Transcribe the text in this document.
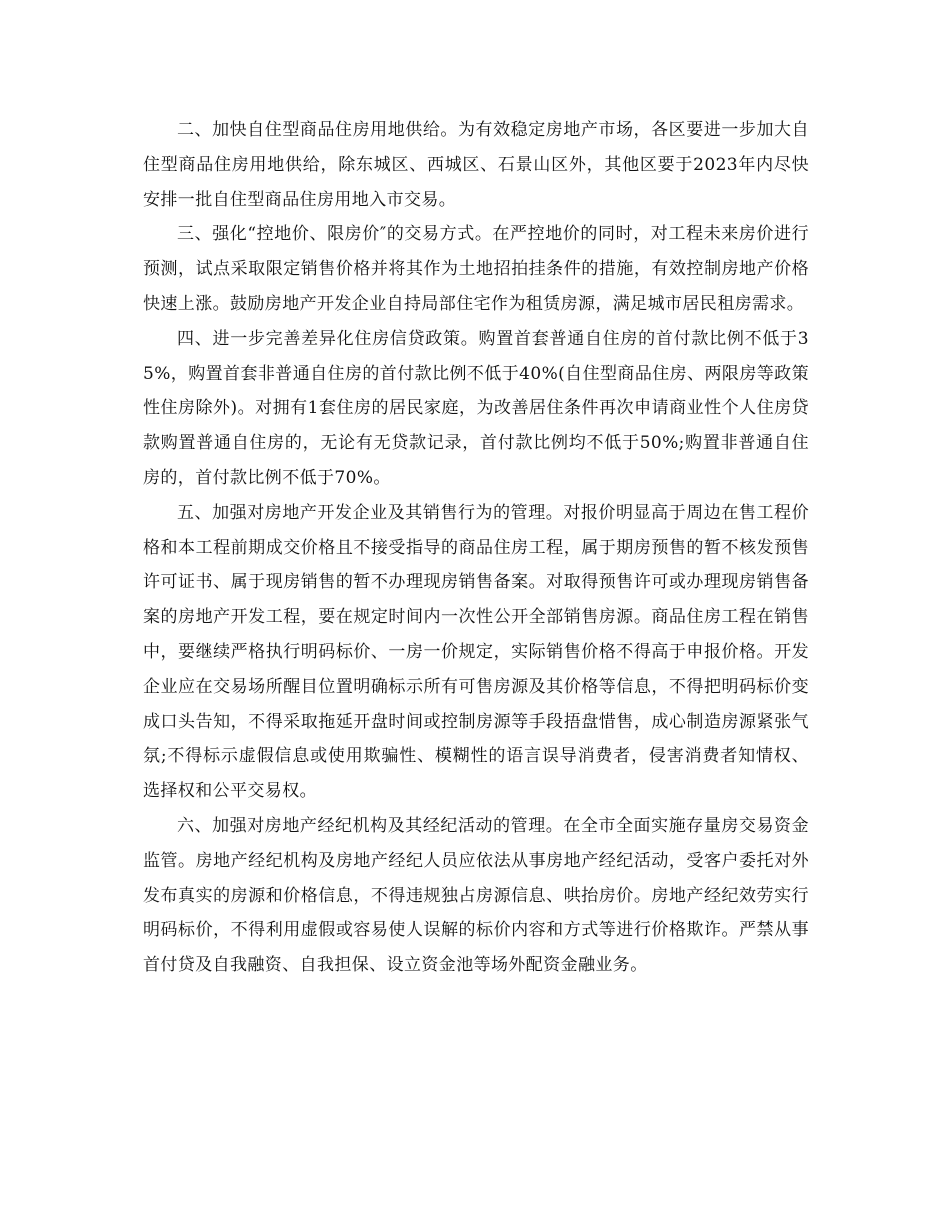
二、加快自住型商品住房用地供给。为有效稳定房地产市场，各区要进一步加大自住型商品住房用地供给，除东城区、西城区、石景山区外，其他区要于2023年内尽快安排一批自住型商品住房用地入市交易。

三、强化“控地价、限房价″的交易方式。在严控地价的同时，对工程未来房价进行预测，试点采取限定销售价格并将其作为土地招拍挂条件的措施，有效控制房地产价格快速上涨。鼓励房地产开发企业自持局部住宅作为租赁房源，满足城市居民租房需求。

四、进一步完善差异化住房信贷政策。购置首套普通自住房的首付款比例不低于35%，购置首套非普通自住房的首付款比例不低于40%(自住型商品住房、两限房等政策性住房除外)。对拥有1套住房的居民家庭，为改善居住条件再次申请商业性个人住房贷款购置普通自住房的，无论有无贷款记录，首付款比例均不低于50%;购置非普通自住房的，首付款比例不低于70%。

五、加强对房地产开发企业及其销售行为的管理。对报价明显高于周边在售工程价格和本工程前期成交价格且不接受指导的商品住房工程，属于期房预售的暂不核发预售许可证书、属于现房销售的暂不办理现房销售备案。对取得预售许可或办理现房销售备案的房地产开发工程，要在规定时间内一次性公开全部销售房源。商品住房工程在销售中，要继续严格执行明码标价、一房一价规定，实际销售价格不得高于申报价格。开发企业应在交易场所醒目位置明确标示所有可售房源及其价格等信息，不得把明码标价变成口头告知，不得采取拖延开盘时间或控制房源等手段捂盘惜售，成心制造房源紧张气氛;不得标示虚假信息或使用欺骗性、模糊性的语言误导消费者，侵害消费者知情权、选择权和公平交易权。

六、加强对房地产经纪机构及其经纪活动的管理。在全市全面实施存量房交易资金监管。房地产经纪机构及房地产经纪人员应依法从事房地产经纪活动，受客户委托对外发布真实的房源和价格信息，不得违规独占房源信息、哄抬房价。房地产经纪效劳实行明码标价，不得利用虚假或容易使人误解的标价内容和方式等进行价格欺诈。严禁从事首付贷及自我融资、自我担保、设立资金池等场外配资金融业务。
